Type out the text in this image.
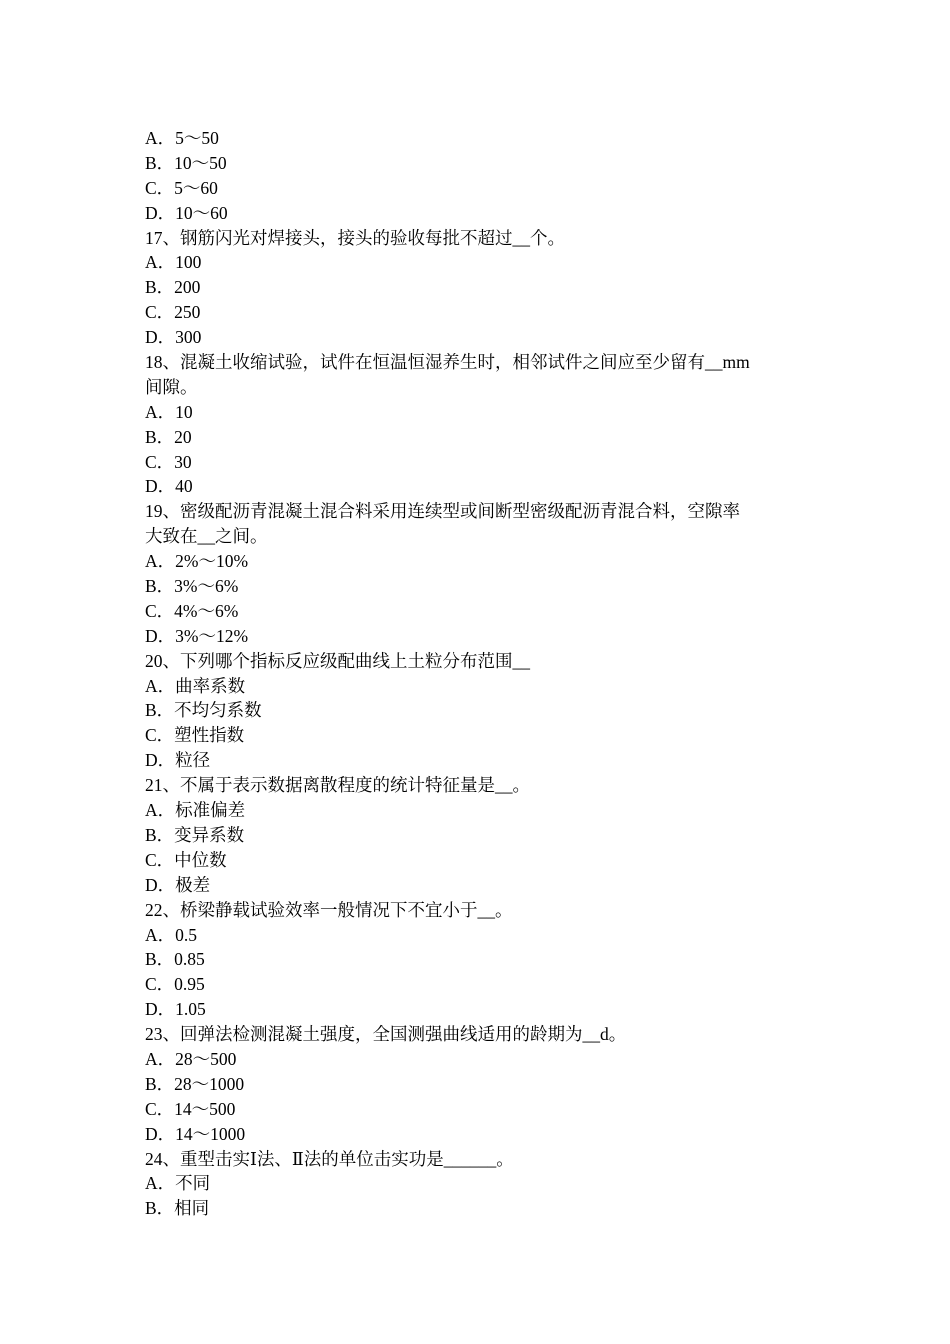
A．5～50
B．10～50
C．5～60
D．10～60
17、钢筋闪光对焊接头，接头的验收每批不超过__个。
A．100
B．200
C．250
D．300
18、混凝土收缩试验，试件在恒温恒湿养生时，相邻试件之间应至少留有__mm
间隙。
A．10
B．20
C．30
D．40
19、密级配沥青混凝土混合料采用连续型或间断型密级配沥青混合料，空隙率
大致在__之间。
A．2%～10%
B．3%～6%
C．4%～6%
D．3%～12%
20、下列哪个指标反应级配曲线上土粒分布范围__
A．曲率系数
B．不均匀系数
C．塑性指数
D．粒径
21、不属于表示数据离散程度的统计特征量是__。
A．标准偏差
B．变异系数
C．中位数
D．极差
22、桥梁静载试验效率一般情况下不宜小于__。
A．0.5
B．0.85
C．0.95
D．1.05
23、回弹法检测混凝土强度，全国测强曲线适用的龄期为__d。
A．28～500
B．28～1000
C．14～500
D．14～1000
24、重型击实Ⅰ法、Ⅱ法的单位击实功是______。
A．不同
B．相同
